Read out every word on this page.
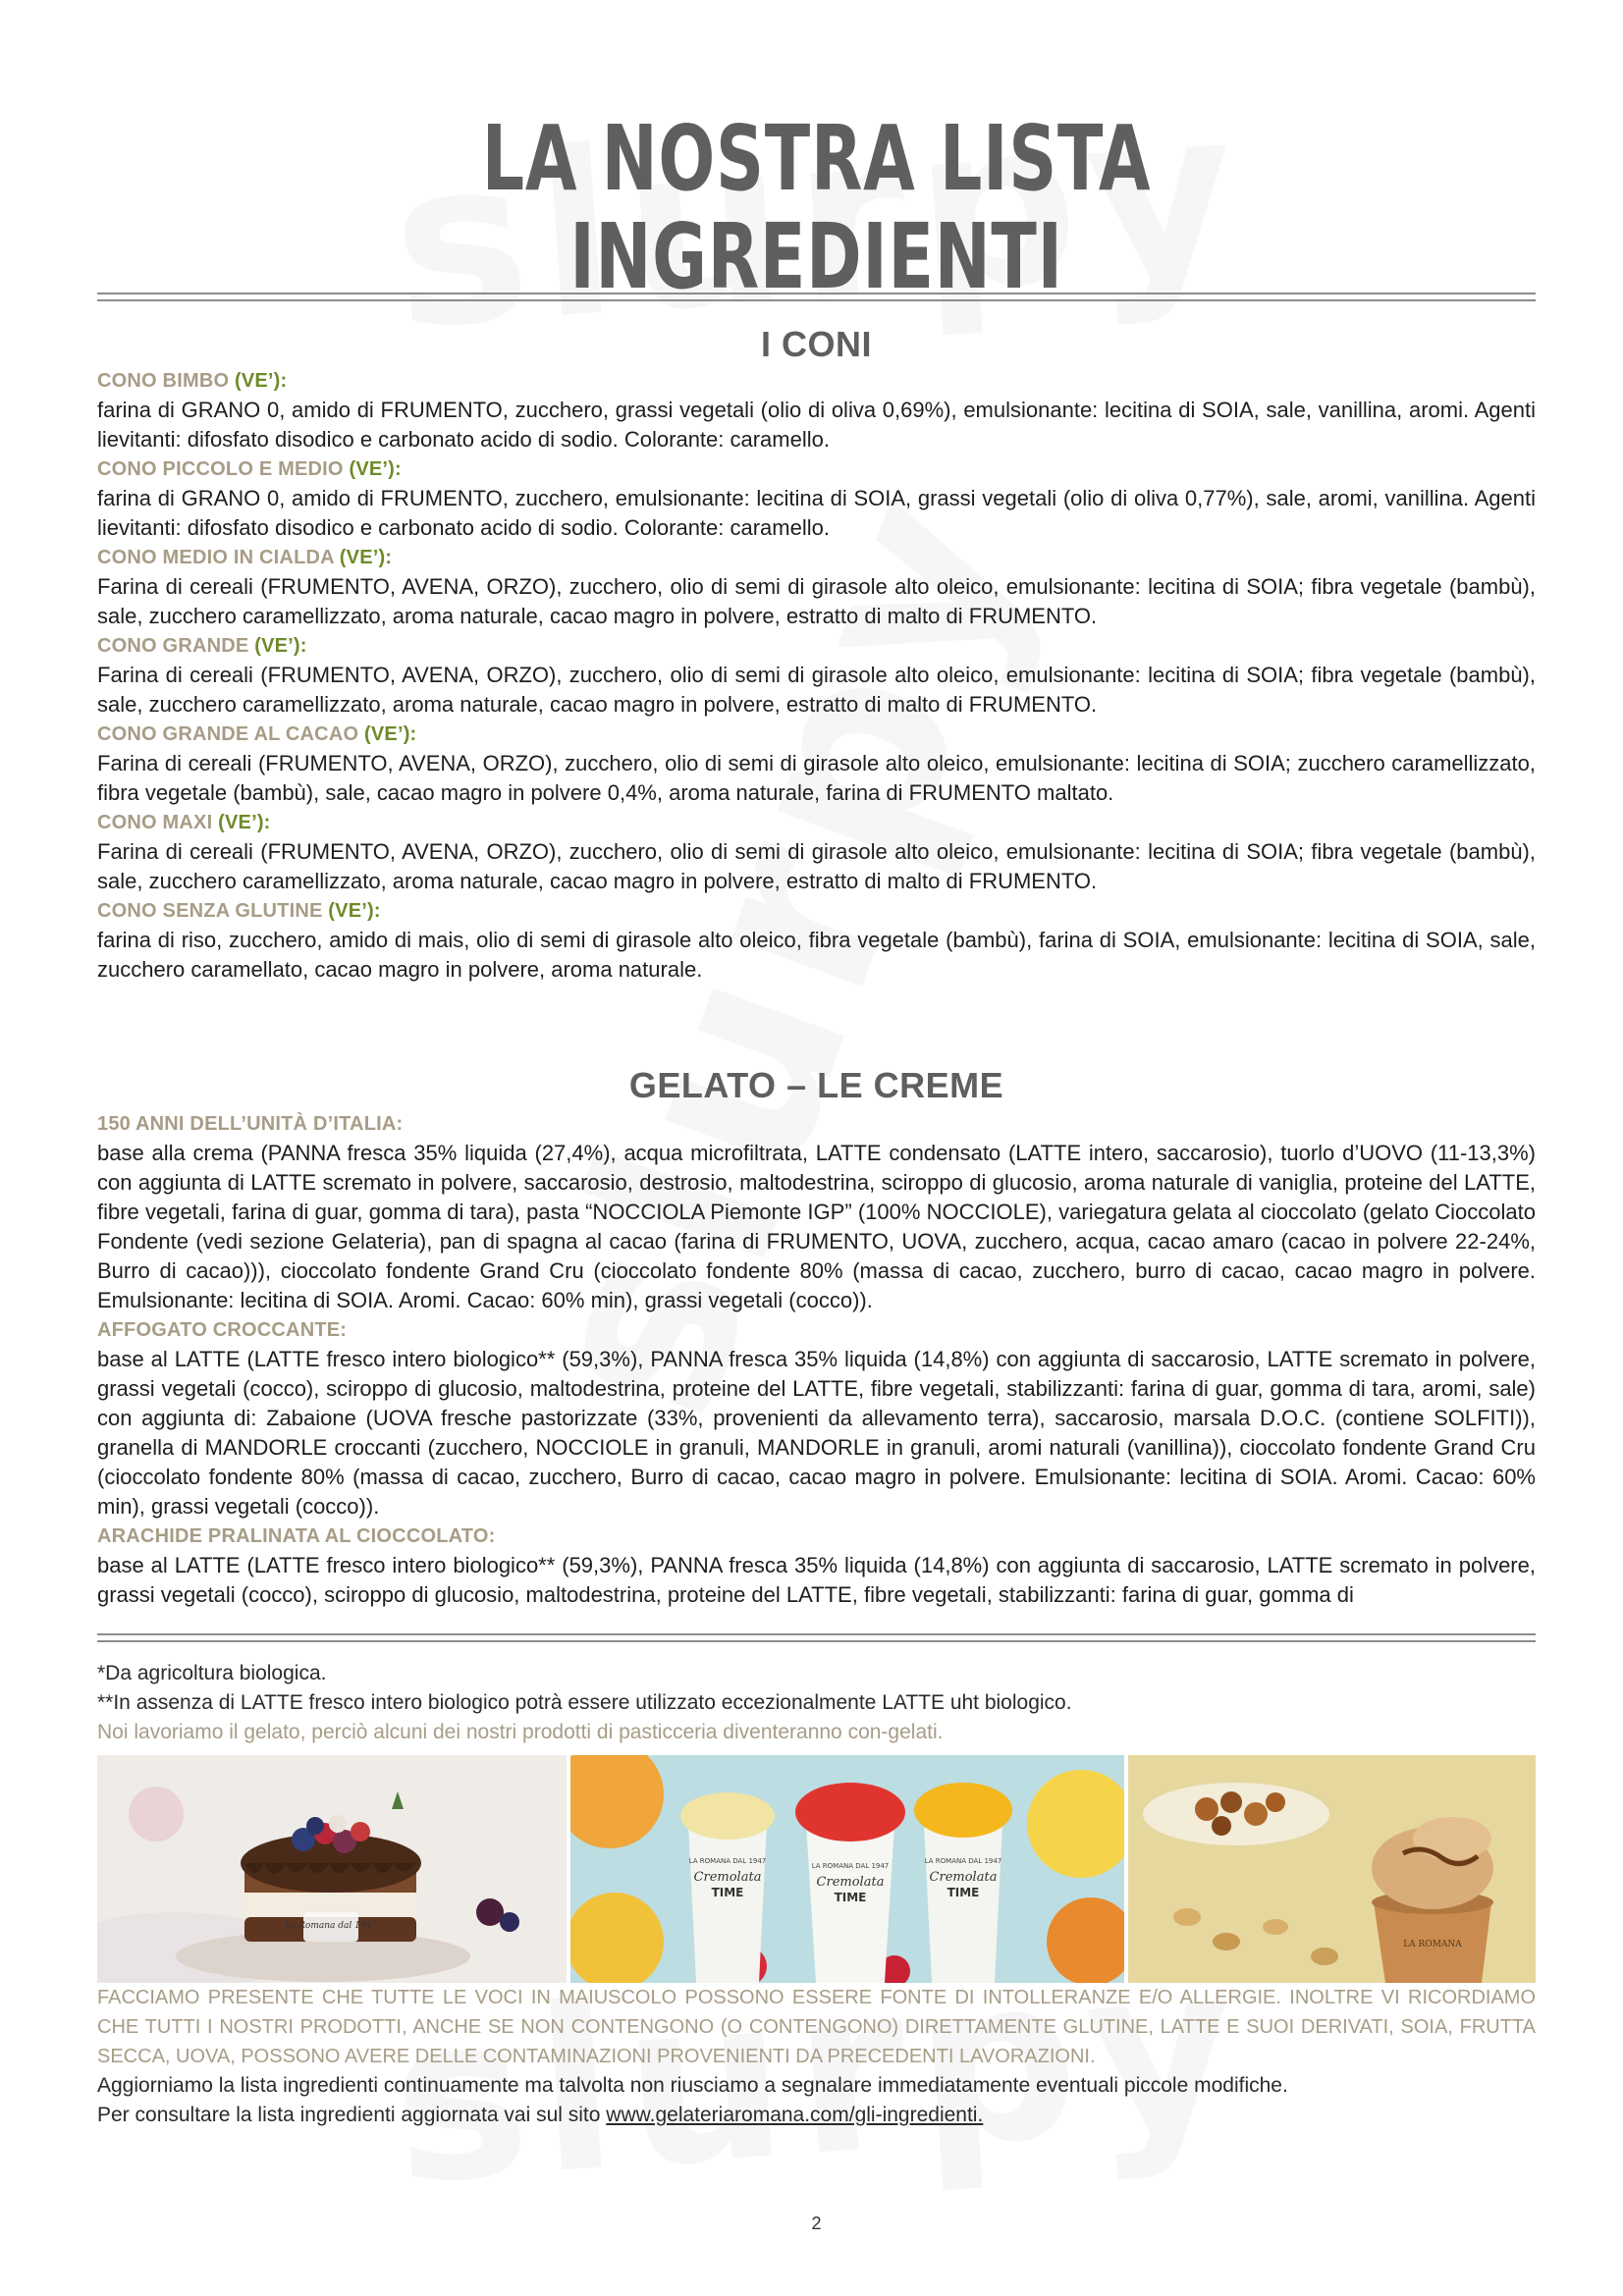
LA NOSTRA LISTA INGREDIENTI
I CONI
CONO BIMBO (VE’):
farina di GRANO 0, amido di FRUMENTO, zucchero, grassi vegetali (olio di oliva 0,69%), emulsionante: lecitina di SOIA, sale, vanillina, aromi. Agenti lievitanti: difosfato disodico e carbonato acido di sodio. Colorante: caramello.
CONO PICCOLO E MEDIO (VE’):
farina di GRANO 0, amido di FRUMENTO, zucchero, emulsionante: lecitina di SOIA, grassi vegetali (olio di oliva 0,77%), sale, aromi, vanillina. Agenti lievitanti: difosfato disodico e carbonato acido di sodio. Colorante: caramello.
CONO MEDIO IN CIALDA (VE’):
Farina di cereali (FRUMENTO, AVENA, ORZO), zucchero, olio di semi di girasole alto oleico, emulsionante: lecitina di SOIA; fibra vegetale (bambù), sale, zucchero caramellizzato, aroma naturale, cacao magro in polvere, estratto di malto di FRUMENTO.
CONO GRANDE (VE’):
Farina di cereali (FRUMENTO, AVENA, ORZO), zucchero, olio di semi di girasole alto oleico, emulsionante: lecitina di SOIA; fibra vegetale (bambù), sale, zucchero caramellizzato, aroma naturale, cacao magro in polvere, estratto di malto di FRUMENTO.
CONO GRANDE AL CACAO (VE’):
Farina di cereali (FRUMENTO, AVENA, ORZO), zucchero, olio di semi di girasole alto oleico, emulsionante: lecitina di SOIA; zucchero caramellizzato, fibra vegetale (bambù), sale, cacao magro in polvere 0,4%, aroma naturale, farina di FRUMENTO maltato.
CONO MAXI (VE’):
Farina di cereali (FRUMENTO, AVENA, ORZO), zucchero, olio di semi di girasole alto oleico, emulsionante: lecitina di SOIA; fibra vegetale (bambù), sale, zucchero caramellizzato, aroma naturale, cacao magro in polvere, estratto di malto di FRUMENTO.
CONO SENZA GLUTINE (VE’):
farina di riso, zucchero, amido di mais, olio di semi di girasole alto oleico, fibra vegetale (bambù), farina di SOIA, emulsionante: lecitina di SOIA, sale, zucchero caramellato, cacao magro in polvere, aroma naturale.
GELATO – LE CREME
150 ANNI DELL’UNITÀ D’ITALIA:
base alla crema (PANNA fresca 35% liquida (27,4%), acqua microfiltrata, LATTE condensato (LATTE intero, saccarosio), tuorlo d’UOVO (11-13,3%) con aggiunta di LATTE scremato in polvere, saccarosio, destrosio, maltodestrina, sciroppo di glucosio, aroma naturale di vaniglia, proteine del LATTE, fibre vegetali, farina di guar, gomma di tara), pasta “NOCCIOLA Piemonte IGP” (100% NOCCIOLE), variegatura gelata al cioccolato (gelato Cioccolato Fondente (vedi sezione Gelateria), pan di spagna al cacao (farina di FRUMENTO, UOVA, zucchero, acqua, cacao amaro (cacao in polvere 22-24%, Burro di cacao))), cioccolato fondente Grand Cru (cioccolato fondente 80% (massa di cacao, zucchero, burro di cacao, cacao magro in polvere. Emulsionante: lecitina di SOIA. Aromi. Cacao: 60% min), grassi vegetali (cocco)).
AFFOGATO CROCCANTE:
base al LATTE (LATTE fresco intero biologico** (59,3%), PANNA fresca 35% liquida (14,8%) con aggiunta di saccarosio, LATTE scremato in polvere, grassi vegetali (cocco), sciroppo di glucosio, maltodestrina, proteine del LATTE, fibre vegetali, stabilizzanti: farina di guar, gomma di tara, aromi, sale) con aggiunta di: Zabaione (UOVA fresche pastorizzate (33%, provenienti da allevamento terra), saccarosio, marsala D.O.C. (contiene SOLFITI)), granella di MANDORLE croccanti (zucchero, NOCCIOLE in granuli, MANDORLE in granuli, aromi naturali (vanillina)), cioccolato fondente Grand Cru (cioccolato fondente 80% (massa di cacao, zucchero, Burro di cacao, cacao magro in polvere. Emulsionante: lecitina di SOIA. Aromi. Cacao: 60% min), grassi vegetali (cocco)).
ARACHIDE PRALINATA AL CIOCCOLATO:
base al LATTE (LATTE fresco intero biologico** (59,3%), PANNA fresca 35% liquida (14,8%) con aggiunta di saccarosio, LATTE scremato in polvere, grassi vegetali (cocco), sciroppo di glucosio, maltodestrina, proteine del LATTE, fibre vegetali, stabilizzanti: farina di guar, gomma di
*Da agricoltura biologica.
**In assenza di LATTE fresco intero biologico potrà essere utilizzato eccezionalmente LATTE uht biologico.
Noi lavoriamo il gelato, perciò alcuni dei nostri prodotti di pasticceria diventeranno con-gelati.
La Romana dal 1947
LA ROMANA DAL 1947
Cremolata
TIME
LA ROMANA DAL 1947
Cremolata
TIME
LA ROMANA DAL 1947
Cremolata
TIME
LA ROMANA
FACCIAMO PRESENTE CHE TUTTE LE VOCI IN MAIUSCOLO POSSONO ESSERE FONTE DI INTOLLERANZE E/O ALLERGIE. INOLTRE VI RICORDIAMO CHE TUTTI I NOSTRI PRODOTTI, ANCHE SE NON CONTENGONO (O CONTENGONO) DIRETTAMENTE GLUTINE, LATTE E SUOI DERIVATI, SOIA, FRUTTA SECCA, UOVA, POSSONO AVERE DELLE CONTAMINAZIONI PROVENIENTI DA PRECEDENTI LAVORAZIONI.
Aggiorniamo la lista ingredienti continuamente ma talvolta non riusciamo a segnalare immediatamente eventuali piccole modifiche.
Per consultare la lista ingredienti aggiornata vai sul sito www.gelateriaromana.com/gli-ingredienti.
2
